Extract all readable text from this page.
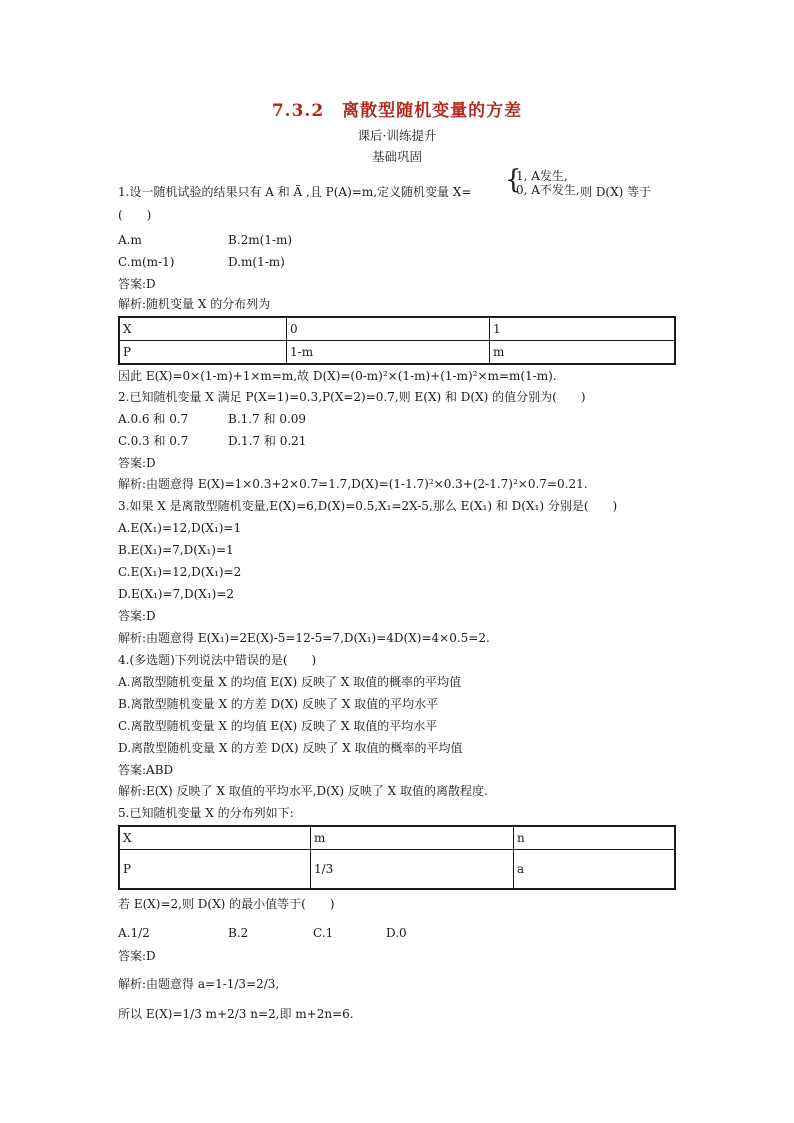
7.3.2　离散型随机变量的方差
课后·训练提升
基础巩固
1.设一随机试验的结果只有 A 和 Ā ,且 P(A)=m,定义随机变量 X= {
1, A发生,
0, A不发生, 则 D(X) 等于
(　　)
A.m	B.2m(1-m)
C.m(m-1)	D.m(1-m)
答案:D
解析:随机变量 X 的分布列为
X	0	1
P	1-m	m
因此 E(X)=0×(1-m)+1×m=m,故 D(X)=(0-m)²×(1-m)+(1-m)²×m=m(1-m).
2.已知随机变量 X 满足 P(X=1)=0.3,P(X=2)=0.7,则 E(X) 和 D(X) 的值分别为(　　)
A.0.6 和 0.7	B.1.7 和 0.09
C.0.3 和 0.7	D.1.7 和 0.21
答案:D
解析:由题意得 E(X)=1×0.3+2×0.7=1.7,D(X)=(1-1.7)²×0.3+(2-1.7)²×0.7=0.21.
3.如果 X 是离散型随机变量,E(X)=6,D(X)=0.5,X₁=2X-5,那么 E(X₁) 和 D(X₁) 分别是(　　)
A.E(X₁)=12,D(X₁)=1
B.E(X₁)=7,D(X₁)=1
C.E(X₁)=12,D(X₁)=2
D.E(X₁)=7,D(X₁)=2
答案:D
解析:由题意得 E(X₁)=2E(X)-5=12-5=7,D(X₁)=4D(X)=4×0.5=2.
4.(多选题)下列说法中错误的是(　　)
A.离散型随机变量 X 的均值 E(X) 反映了 X 取值的概率的平均值
B.离散型随机变量 X 的方差 D(X) 反映了 X 取值的平均水平
C.离散型随机变量 X 的均值 E(X) 反映了 X 取值的平均水平
D.离散型随机变量 X 的方差 D(X) 反映了 X 取值的概率的平均值
答案:ABD
解析:E(X) 反映了 X 取值的平均水平,D(X) 反映了 X 取值的离散程度.
5.已知随机变量 X 的分布列如下:
X	m	n
P	1/3	a
若 E(X)=2,则 D(X) 的最小值等于(　　)
A.1/2	B.2	C.1	D.0
答案:D
解析:由题意得 a=1-1/3=2/3,
所以 E(X)=1/3 m+2/3 n=2,即 m+2n=6.
